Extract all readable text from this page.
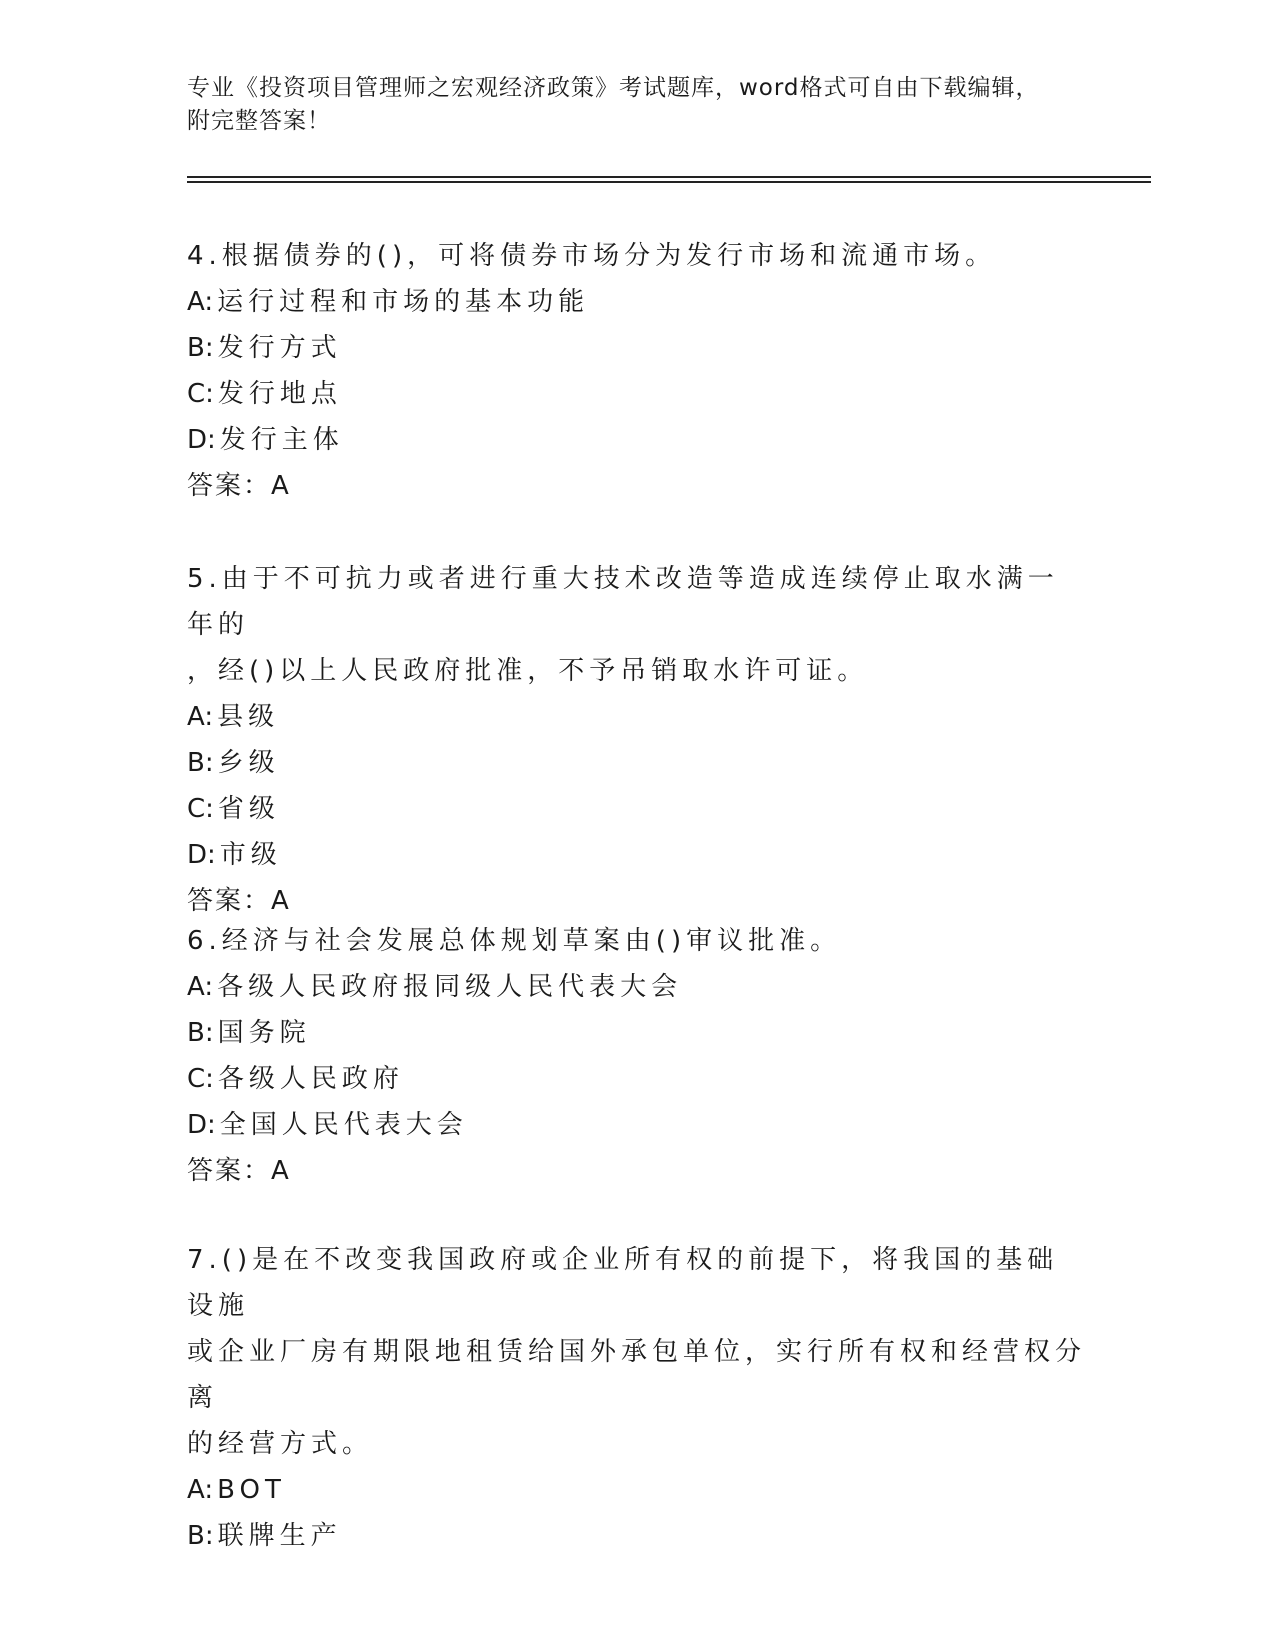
专业《投资项目管理师之宏观经济政策》考试题库，word格式可自由下载编辑，
附完整答案！
4.根据债券的()，可将债券市场分为发行市场和流通市场。
A: 运行过程和市场的基本功能
B: 发行方式
C: 发行地点
D: 发行主体
答案：A
5.由于不可抗力或者进行重大技术改造等造成连续停止取水满一年的
，经()以上人民政府批准，不予吊销取水许可证。
A: 县级
B: 乡级
C: 省级
D: 市级
答案：A
6.经济与社会发展总体规划草案由()审议批准。
A: 各级人民政府报同级人民代表大会
B: 国务院
C: 各级人民政府
D: 全国人民代表大会
答案：A
7.()是在不改变我国政府或企业所有权的前提下，将我国的基础设施
或企业厂房有期限地租赁给国外承包单位，实行所有权和经营权分离
的经营方式。
A: BOT
B: 联牌生产
